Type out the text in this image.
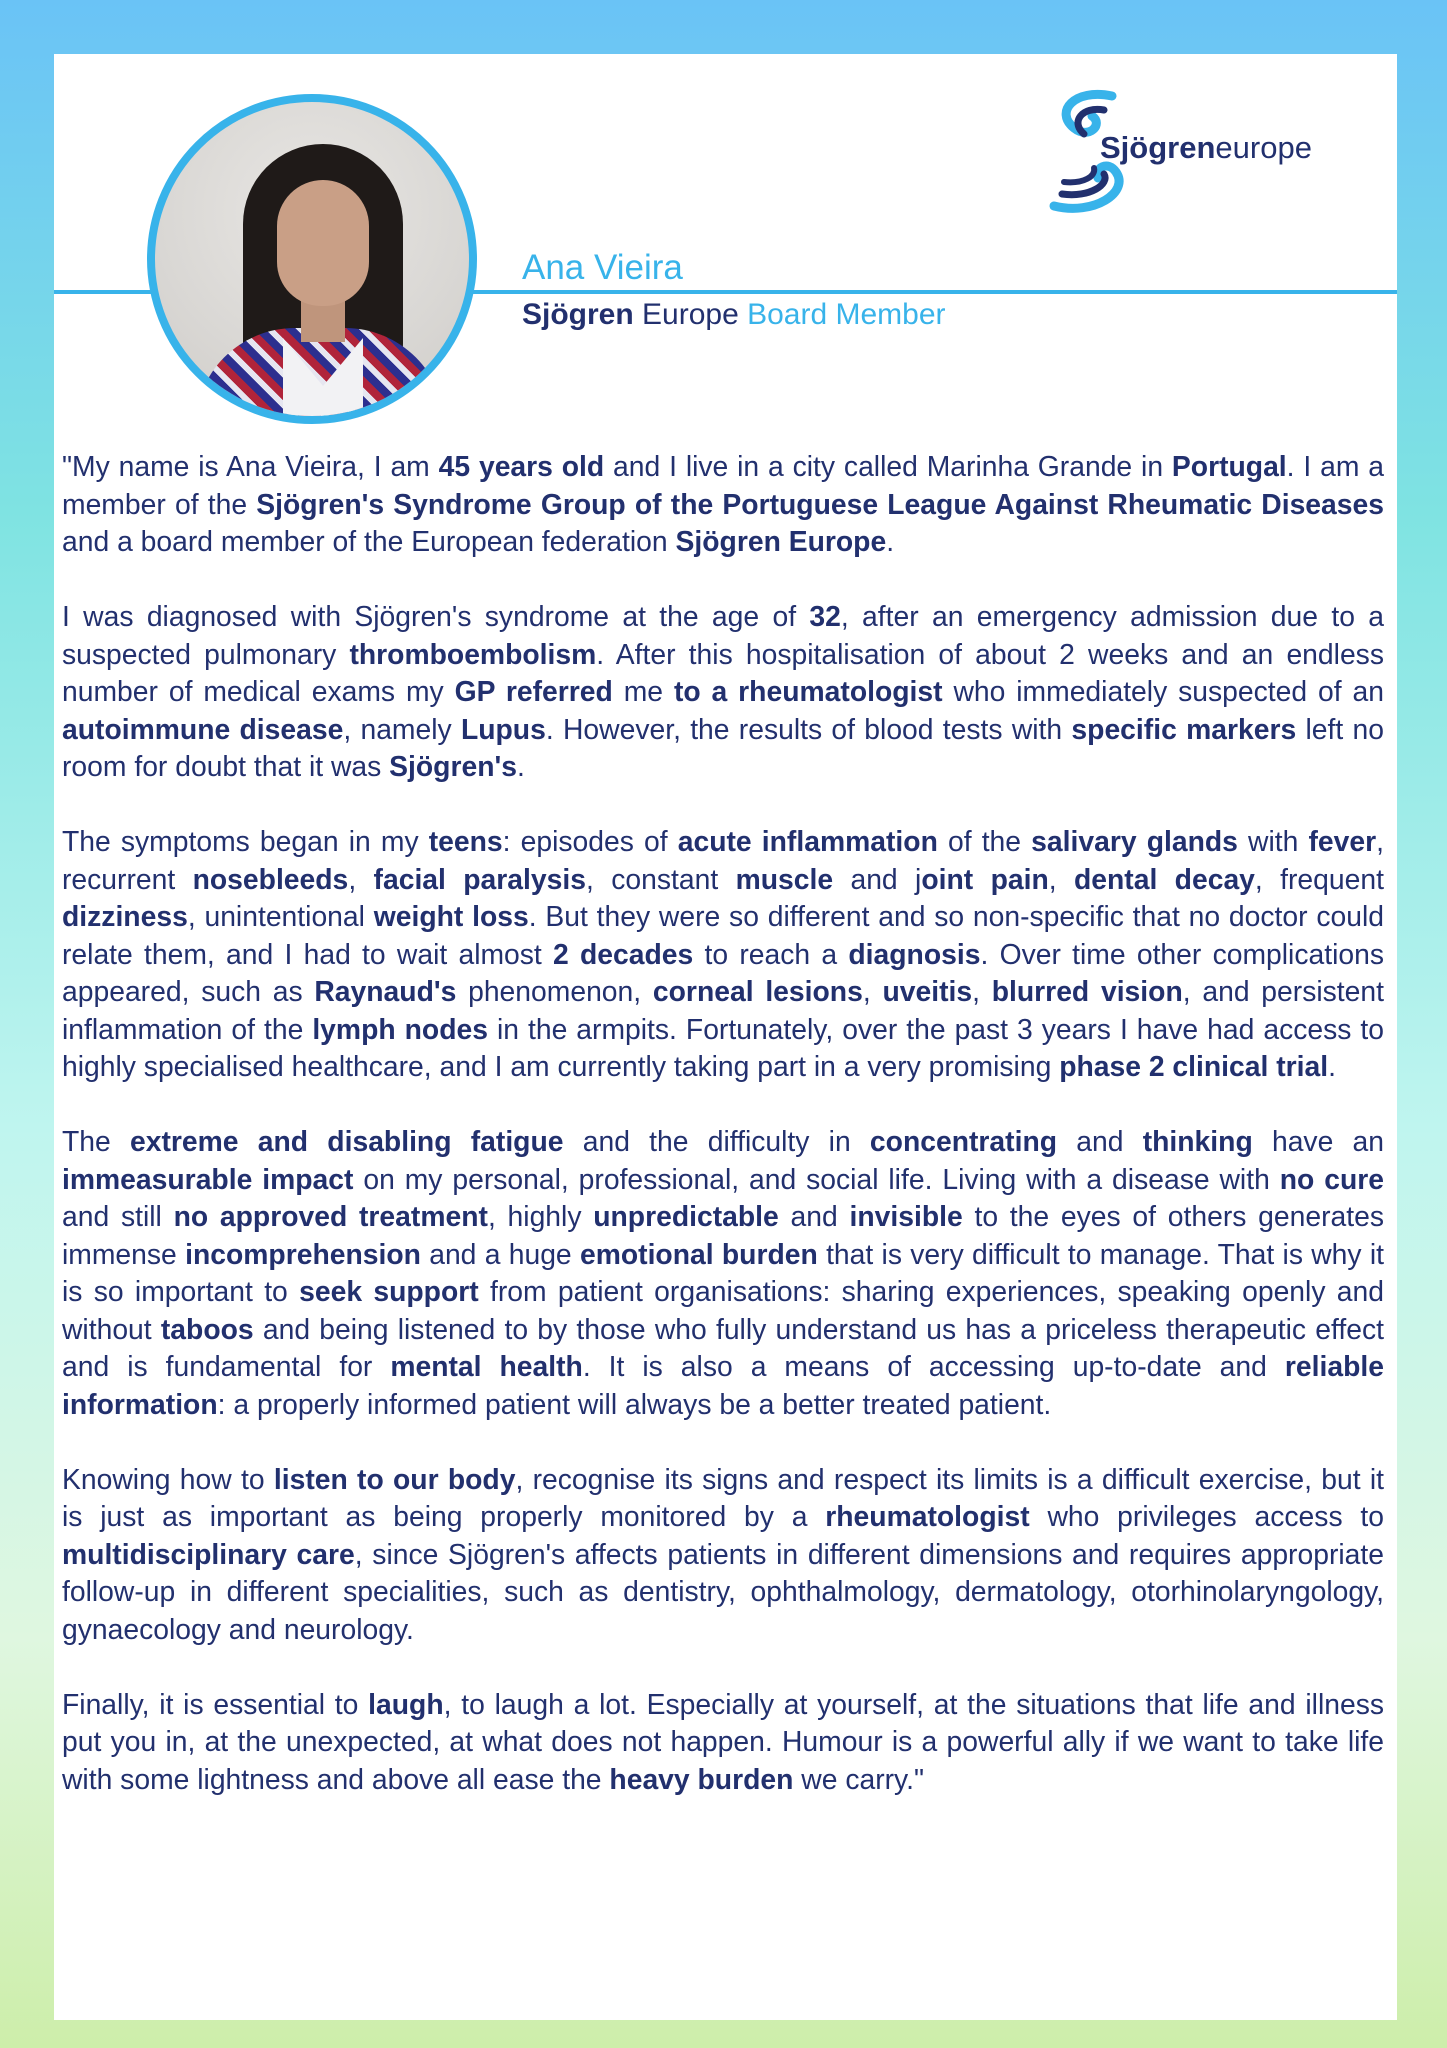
Sjögreneurope
Ana Vieira
Sjögren Europe Board Member

"My name is Ana Vieira, I am 45 years old and I live in a city called Marinha Grande in Portugal. I am a member of the Sjögren's Syndrome Group of the Portuguese League Against Rheumatic Diseases and a board member of the European federation Sjögren Europe.

I was diagnosed with Sjögren's syndrome at the age of 32, after an emergency admission due to a suspected pulmonary thromboembolism. After this hospitalisation of about 2 weeks and an endless number of medical exams my GP referred me to a rheumatologist who immediately suspected of an autoimmune disease, namely Lupus. However, the results of blood tests with specific markers left no room for doubt that it was Sjögren's.

The symptoms began in my teens: episodes of acute inflammation of the salivary glands with fever, recurrent nosebleeds, facial paralysis, constant muscle and joint pain, dental decay, frequent dizziness, unintentional weight loss. But they were so different and so non-specific that no doctor could relate them, and I had to wait almost 2 decades to reach a diagnosis. Over time other complications appeared, such as Raynaud's phenomenon, corneal lesions, uveitis, blurred vision, and persistent inflammation of the lymph nodes in the armpits. Fortunately, over the past 3 years I have had access to highly specialised healthcare, and I am currently taking part in a very promising phase 2 clinical trial.

The extreme and disabling fatigue and the difficulty in concentrating and thinking have an immeasurable impact on my personal, professional, and social life. Living with a disease with no cure and still no approved treatment, highly unpredictable and invisible to the eyes of others generates immense incomprehension and a huge emotional burden that is very difficult to manage. That is why it is so important to seek support from patient organisations: sharing experiences, speaking openly and without taboos and being listened to by those who fully understand us has a priceless therapeutic effect and is fundamental for mental health. It is also a means of accessing up-to-date and reliable information: a properly informed patient will always be a better treated patient.

Knowing how to listen to our body, recognise its signs and respect its limits is a difficult exercise, but it is just as important as being properly monitored by a rheumatologist who privileges access to multidisciplinary care, since Sjögren's affects patients in different dimensions and requires appropriate follow-up in different specialities, such as dentistry, ophthalmology, dermatology, otorhinolaryngology, gynaecology and neurology.

Finally, it is essential to laugh, to laugh a lot. Especially at yourself, at the situations that life and illness put you in, at the unexpected, at what does not happen. Humour is a powerful ally if we want to take life with some lightness and above all ease the heavy burden we carry."
